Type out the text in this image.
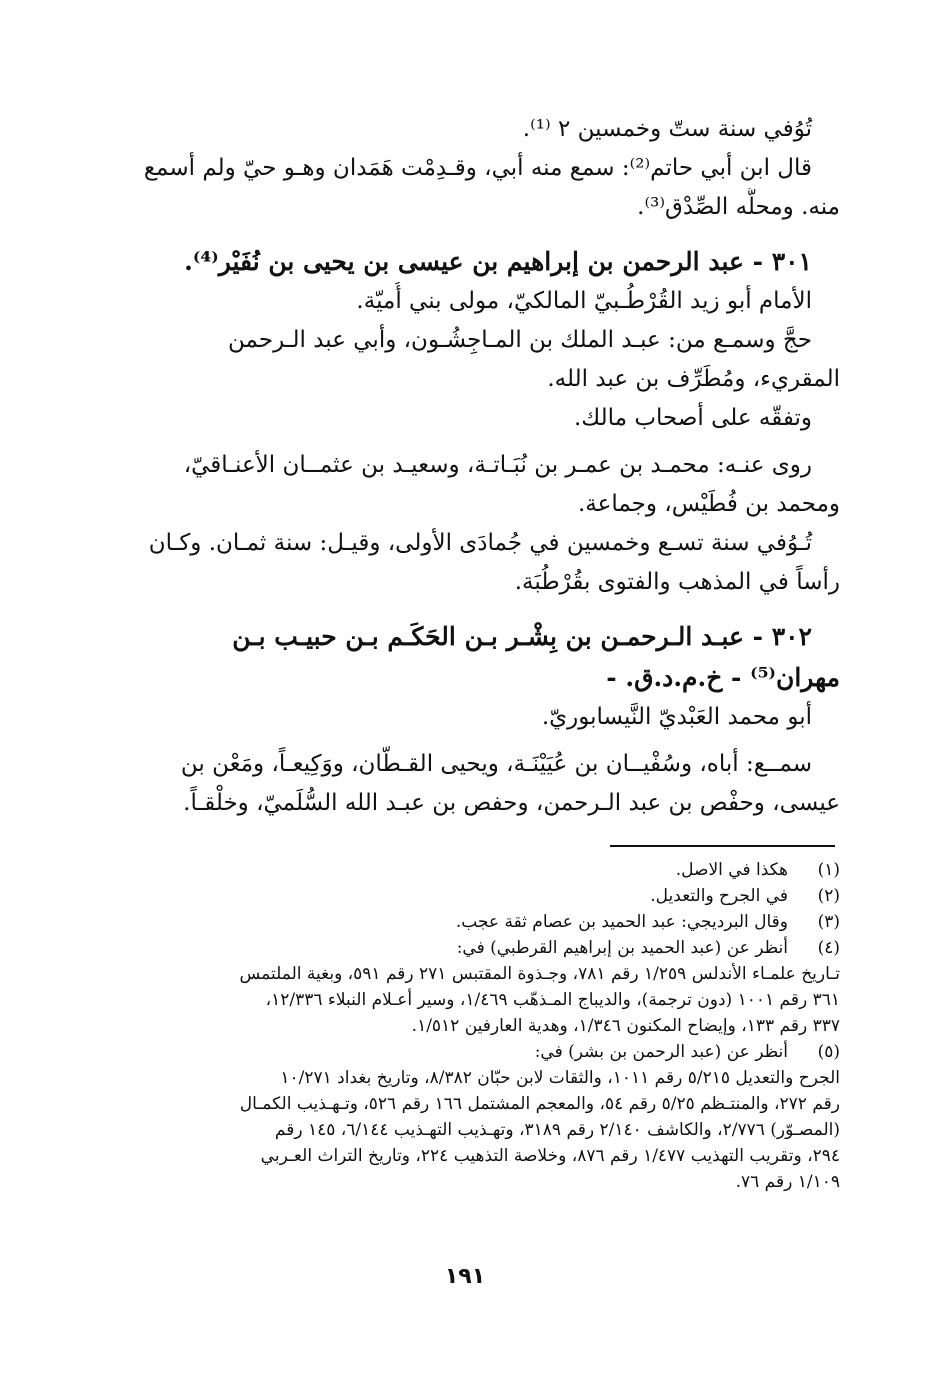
تُوُفي سنة ستّ وخمسين ٢ ⁽¹⁾.
قال ابن أبي حاتم⁽²⁾: سمع منه أبي، وقـدِمْت هَمَدان وهـو حيّ ولم أسمع
منه. ومحلُّه الصِّدْق⁽³⁾.
٣٠١ - عبد الرحمن بن إبراهيم بن عيسى بن يحيى بن نُفَيْر⁽⁴⁾.
الأمام أبو زيد القُرْطُـبيّ المالكيّ، مولى بني أُميّة.
حجَّ وسمـع من: عبـد الملك بن المـاجِشُـون، وأبي عبد الـرحمن
المقريء، ومُطَرِّف بن عبد الله.
وتفقّه على أصحاب مالك.
روى عنـه: محمـد بن عمـر بن نُبَـاتـة، وسعيـد بن عثمــان الأعنـاقيّ،
ومحمد بن فُطَيْس، وجماعة.
تُـوُفي سنة تسـع وخمسين في جُمادَى الأولى، وقيـل: سنة ثمـان. وكـان
رأساً في المذهب والفتوى بقُرْطُبَة.
٣٠٢ - عبـد الـرحمـن بن بِشْـر بـن الحَكَـم بـن حبيـب بـن
مهران⁽⁵⁾ - خ.م.د.ق. -
أبو محمد العَبْديّ النَّيسابوريّ.
سمــع: أباه، وسُفْيــان بن عُيَيْنَـة، ويحيى القـطّان، ووَكِيعـاً، ومَعْن بن
عيسى، وحفْص بن عبد الـرحمن، وحفص بن عبـد الله السُّلَميّ، وخلْقـاً.
(١)
هكذا في الاصل.
(٢)
في الجرح والتعديل.
(٣)
وقال البرديجي: عبد الحميد بن عصام ثقة عجب.
(٤)
أنظر عن (عبد الحميد بن إبراهيم القرطبي) في:
تـاريخ علمـاء الأندلس ١/٢٥٩ رقم ٧٨١، وجـذوة المقتبس ٢٧١ رقم ٥٩١، وبغية الملتمس
٣٦١ رقم ١٠٠١ (دون ترجمة)، والديباج المـذهّب ١/٤٦٩، وسير أعـلام النبلاء ١٢/٣٣٦،
٣٣٧ رقم ١٣٣، وإيضاح المكنون ١/٣٤٦، وهدية العارفين ١/٥١٢.
(٥)
أنظر عن (عبد الرحمن بن بشر) في:
الجرح والتعديل ٥/٢١٥ رقم ١٠١١، والثقات لابن حبّان ٨/٣٨٢، وتاريخ بغداد ١٠/٢٧١
رقم ٢٧٢، والمنتـظم ٥/٢٥ رقم ٥٤، والمعجم المشتمل ١٦٦ رقم ٥٢٦، وتـهـذيب الكمـال
(المصـوّر) ٢/٧٧٦، والكاشف ٢/١٤٠ رقم ٣١٨٩، وتهـذيب التهـذيب ٦/١٤٤، ١٤٥ رقم
٢٩٤، وتقريب التهذيب ١/٤٧٧ رقم ٨٧٦، وخلاصة التذهيب ٢٢٤، وتاريخ التراث العـربي
١/١٠٩ رقم ٧٦.
١٩١
